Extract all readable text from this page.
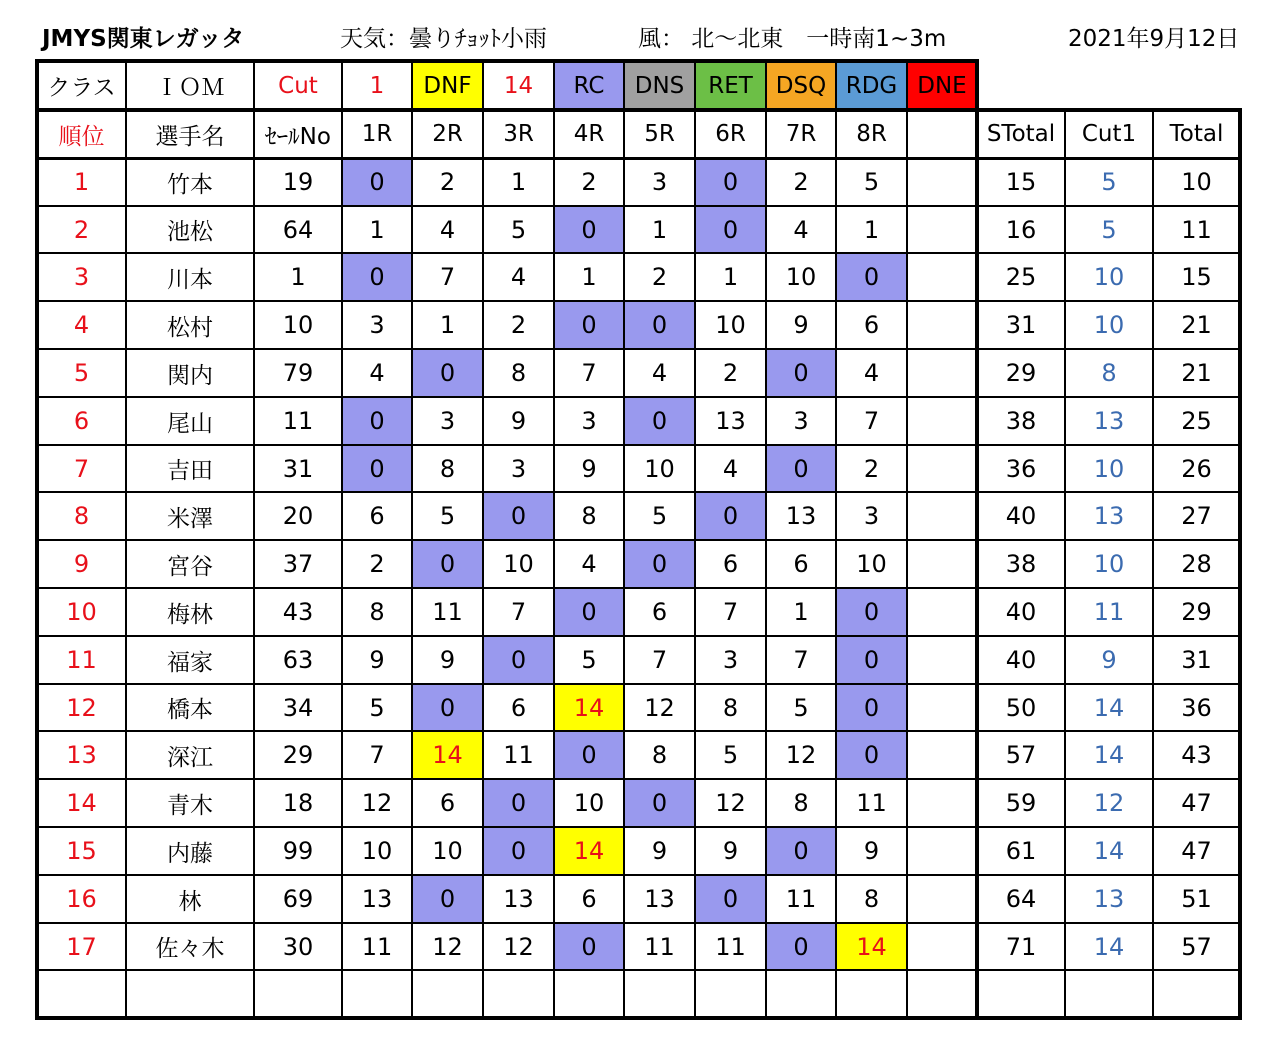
JMYS関東レガッタ	天気：曇りﾁｮｯﾄ小雨	風： 北～北東　一時南1~3m	2021年9月12日
クラス	ＩＯＭ	Cut	1	DNF	14	RC	DNS	RET	DSQ RDG DNE
順位	選手名	ｾｰﾙNo	1R	2R	3R	4R	5R	6R	7R	8R	STotal	Cut1	Total
1	竹本	19	0	2	1	2	3	0	2	5	15	5	10
2	池松	64	1	4	5	0	1	0	4	1	16	5	11
3	川本	1	0	7	4	1	2	1	10	0	25	10	15
4	松村	10	3	1	2	0	0	10	9	6	31	10	21
5	関内	79	4	0	8	7	4	2	0	4	29	8	21
6	尾山	11	0	3	9	3	0	13	3	7	38	13	25
7	吉田	31	0	8	3	9	10	4	0	2	36	10	26
8	米澤	20	6	5	0	8	5	0	13	3	40	13	27
9	宮谷	37	2	0	10	4	0	6	6	10	38	10	28
10	梅林	43	8	11	7	0	6	7	1	0	40	11	29
11	福家	63	9	9	0	5	7	3	7	0	40	9	31
12	橋本	34	5	0	6	14	12	8	5	0	50	14	36
13	深江	29	7	14	11	0	8	5	12	0	57	14	43
14	青木	18	12	6	0	10	0	12	8	11	59	12	47
15	内藤	99	10	10	0	14	9	9	0	9	61	14	47
16	林	69	13	0	13	6	13	0	11	8	64	13	51
17	佐々木	30	11	12	12	0	11	11	0	14	71	14	57
